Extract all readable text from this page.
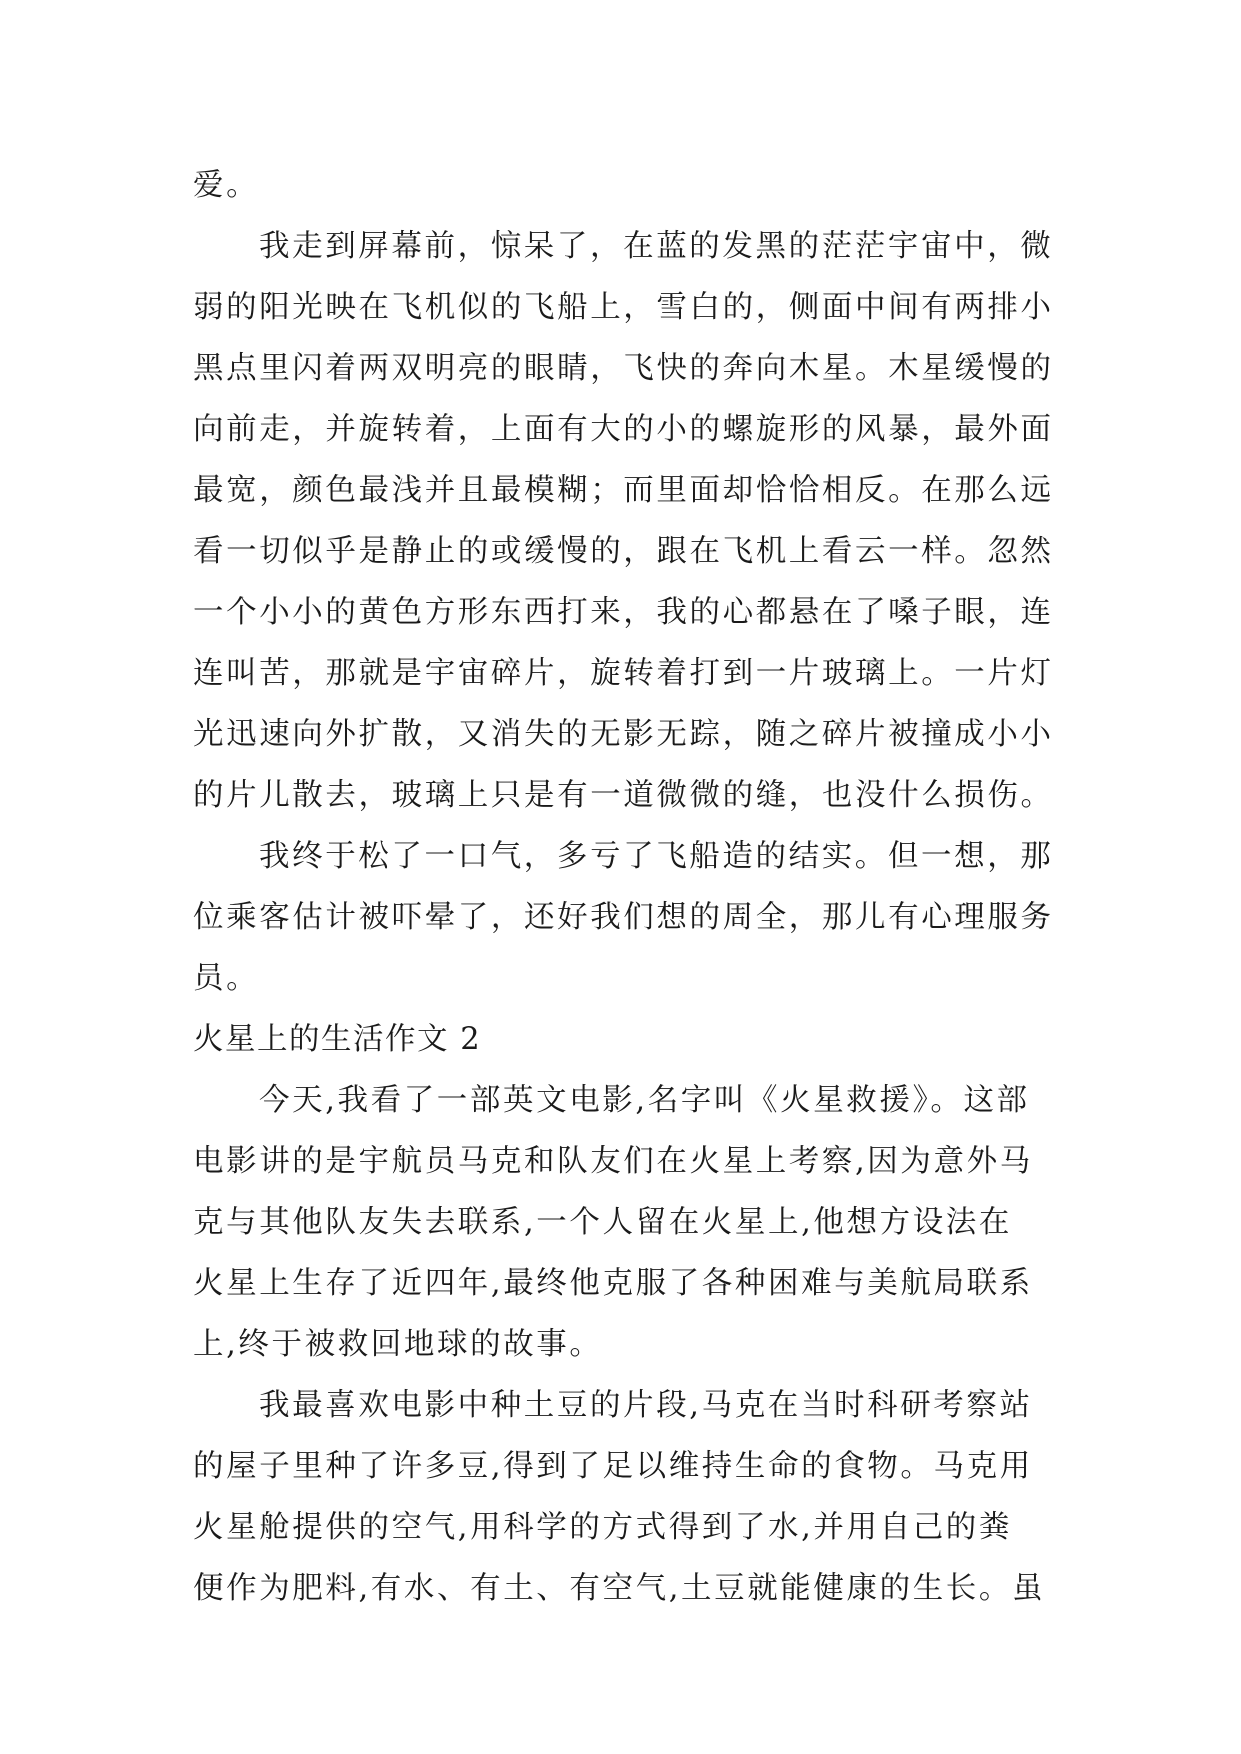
爱。
我走到屏幕前，惊呆了，在蓝的发黑的茫茫宇宙中，微
弱的阳光映在飞机似的飞船上，雪白的，侧面中间有两排小
黑点里闪着两双明亮的眼睛，飞快的奔向木星。木星缓慢的
向前走，并旋转着，上面有大的小的螺旋形的风暴，最外面
最宽，颜色最浅并且最模糊；而里面却恰恰相反。在那么远
看一切似乎是静止的或缓慢的，跟在飞机上看云一样。忽然
一个小小的黄色方形东西打来，我的心都悬在了嗓子眼，连
连叫苦，那就是宇宙碎片，旋转着打到一片玻璃上。一片灯
光迅速向外扩散，又消失的无影无踪，随之碎片被撞成小小
的片儿散去，玻璃上只是有一道微微的缝，也没什么损伤。
我终于松了一口气，多亏了飞船造的结实。但一想，那
位乘客估计被吓晕了，还好我们想的周全，那儿有心理服务
员。
火星上的生活作文 2
今天,我看了一部英文电影,名字叫《火星救援》。这部
电影讲的是宇航员马克和队友们在火星上考察,因为意外马
克与其他队友失去联系,一个人留在火星上,他想方设法在
火星上生存了近四年,最终他克服了各种困难与美航局联系
上,终于被救回地球的故事。
我最喜欢电影中种土豆的片段,马克在当时科研考察站
的屋子里种了许多豆,得到了足以维持生命的食物。马克用
火星舱提供的空气,用科学的方式得到了水,并用自己的粪
便作为肥料,有水、有土、有空气,土豆就能健康的生长。虽
